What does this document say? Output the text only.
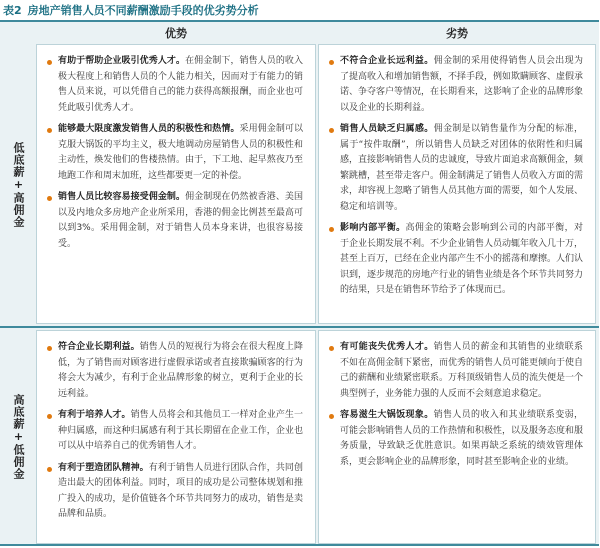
表2 房地产销售人员不同薪酬激励手段的优劣势分析
优势	劣势
低底薪+高佣金
高底薪+低佣金
有助于帮助企业吸引优秀人才。在佣金制下，销售人员的收入极大程度上和销售人员的个人能力相关，因而对于有能力的销售人员来说，可以凭借自己的能力获得高额报酬，而企业也可凭此吸引优秀人才。
能够最大限度激发销售人员的积极性和热情。采用佣金制可以克服大锅饭的平均主义，极大地调动房屋销售人员的积极性和主动性，焕发他们的售楼热情。由于，下工地、起早熬夜乃至地跑工作和周末加班，这些都要更一定的补偿。
销售人员比较容易接受佣金制。佣金制现在仍然被香港、美国以及内地众多房地产企业所采用，香港的佣金比例甚至最高可以到3%。采用佣金制，对于销售人员本身来讲，也很容易接受。
不符合企业长远利益。佣金制的采用使得销售人员会出现为了提高收入和增加销售额，不择手段，例如欺瞒顾客、虚假承诺、争夺客户等情况，在长期看来，这影响了企业的品牌形象以及企业的长期利益。
销售人员缺乏归属感。佣金制是以销售量作为分配的标准，属于“按件取酬”，所以销售人员缺乏对团体的依附性和归属感，直接影响销售人员的忠诚度，导致片面追求高额佣金，频繁跳槽，甚至带走客户。佣金制满足了销售人员收入方面的需求，却容视上忽略了销售人员其他方面的需要，如个人发展、稳定和培训等。
影响内部平衡。高佣金的策略会影响到公司的内部平衡，对于企业长期发展不利。不少企业销售人员动辄年收入几十万，甚至上百万，已经在企业内部产生不小的摇荡和摩擦。人们认识到，逐步规范的房地产行业的销售业绩是各个环节共同努力的结果，只是在销售环节给予了体现而已。
符合企业长期利益。销售人员的短视行为将会在很大程度上降低，为了销售而对顾客进行虚假承诺或者直接欺骗顾客的行为将会大为减少，有利于企业品牌形象的树立，更利于企业的长远利益。
有利于培养人才。销售人员将会和其他员工一样对企业产生一种归属感，而这种归属感有利于其长期留在企业工作，企业也可以从中培养自己的优秀销售人才。
有利于塑造团队精神。有利于销售人员进行团队合作，共同创造出最大的团体利益。同时，项目的成功是公司整体规划和推广投入的成功，是价值链各个环节共同努力的成功，销售是卖品牌和品质。
有可能丧失优秀人才。销售人员的薪金和其销售的业绩联系不如在高佣金制下紧密，而优秀的销售人员可能更倾向于使自己的薪酬和业绩紧密联系。万科顶级销售人员的流失便是一个典型例子，业务能力强的人反而不会刻意追求稳定。
容易滋生大锅饭现象。销售人员的收入和其业绩联系变弱，可能会影响销售人员的工作热情和积极性，以及服务态度和服务质量，导致缺乏优胜意识。如果再缺乏系统的绩效管理体系，更会影响企业的品牌形象，同时甚至影响企业的业绩。
